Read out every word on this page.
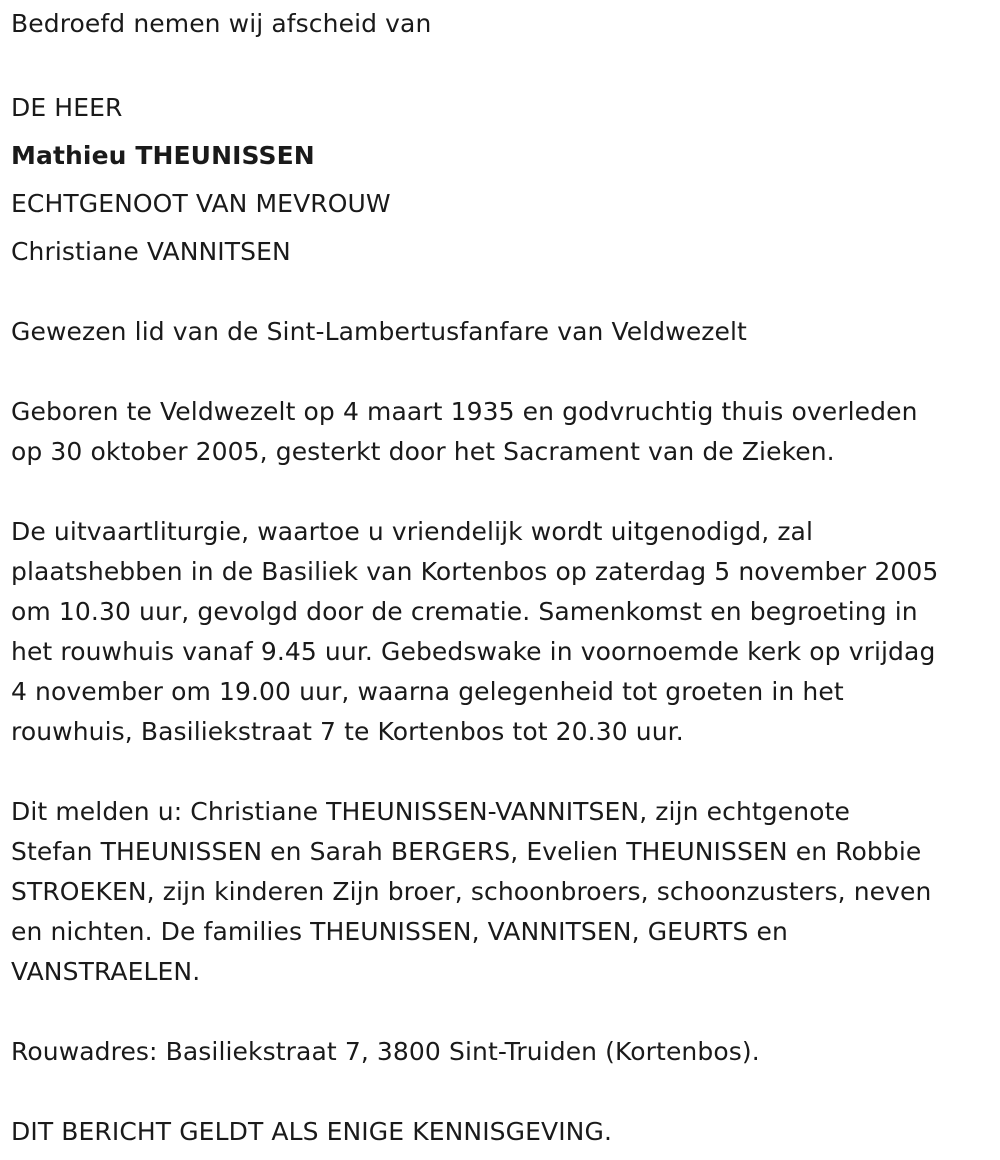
Bedroefd nemen wij afscheid van
DE HEER
Mathieu THEUNISSEN
ECHTGENOOT VAN MEVROUW
Christiane VANNITSEN
Gewezen lid van de Sint-Lambertusfanfare van Veldwezelt
Geboren te Veldwezelt op 4 maart 1935 en godvruchtig thuis overleden
op 30 oktober 2005, gesterkt door het Sacrament van de Zieken.
De uitvaartliturgie, waartoe u vriendelijk wordt uitgenodigd, zal
plaatshebben in de Basiliek van Kortenbos op zaterdag 5 november 2005
om 10.30 uur, gevolgd door de crematie. Samenkomst en begroeting in
het rouwhuis vanaf 9.45 uur. Gebedswake in voornoemde kerk op vrijdag
4 november om 19.00 uur, waarna gelegenheid tot groeten in het
rouwhuis, Basiliekstraat 7 te Kortenbos tot 20.30 uur.
Dit melden u: Christiane THEUNISSEN-VANNITSEN, zijn echtgenote
Stefan THEUNISSEN en Sarah BERGERS, Evelien THEUNISSEN en Robbie
STROEKEN, zijn kinderen Zijn broer, schoonbroers, schoonzusters, neven
en nichten. De families THEUNISSEN, VANNITSEN, GEURTS en
VANSTRAELEN.
Rouwadres: Basiliekstraat 7, 3800 Sint-Truiden (Kortenbos).
DIT BERICHT GELDT ALS ENIGE KENNISGEVING.
